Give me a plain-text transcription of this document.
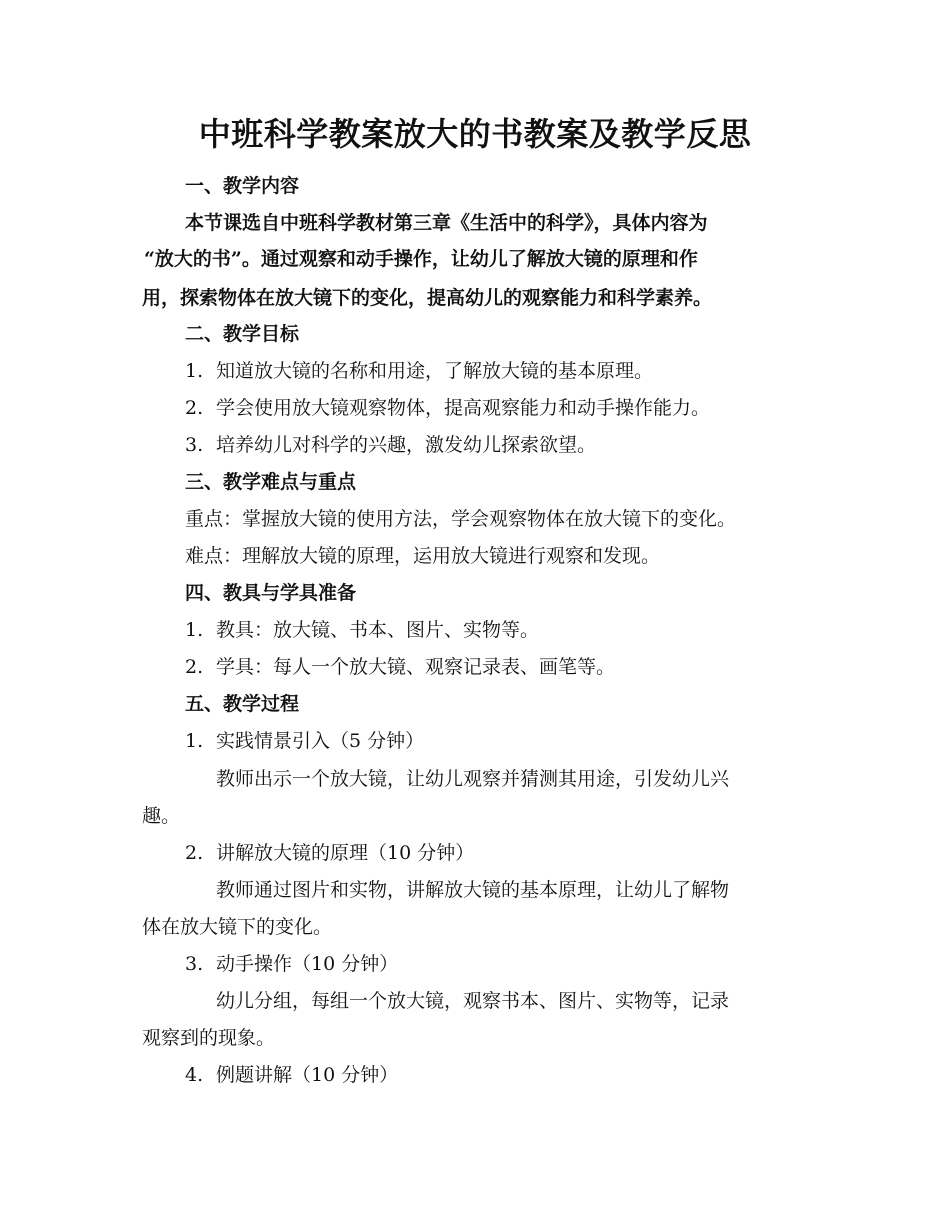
中班科学教案放大的书教案及教学反思
一、教学内容
本节课选自中班科学教材第三章《生活中的科学》，具体内容为
“放大的书”。通过观察和动手操作，让幼儿了解放大镜的原理和作
用，探索物体在放大镜下的变化，提高幼儿的观察能力和科学素养。
二、教学目标
1. 知道放大镜的名称和用途，了解放大镜的基本原理。
2. 学会使用放大镜观察物体，提高观察能力和动手操作能力。
3. 培养幼儿对科学的兴趣，激发幼儿探索欲望。
三、教学难点与重点
重点：掌握放大镜的使用方法，学会观察物体在放大镜下的变化。
难点：理解放大镜的原理，运用放大镜进行观察和发现。
四、教具与学具准备
1. 教具：放大镜、书本、图片、实物等。
2. 学具：每人一个放大镜、观察记录表、画笔等。
五、教学过程
1. 实践情景引入（5 分钟）
教师出示一个放大镜，让幼儿观察并猜测其用途，引发幼儿兴
趣。
2. 讲解放大镜的原理（10 分钟）
教师通过图片和实物，讲解放大镜的基本原理，让幼儿了解物
体在放大镜下的变化。
3. 动手操作（10 分钟）
幼儿分组，每组一个放大镜，观察书本、图片、实物等，记录
观察到的现象。
4. 例题讲解（10 分钟）
